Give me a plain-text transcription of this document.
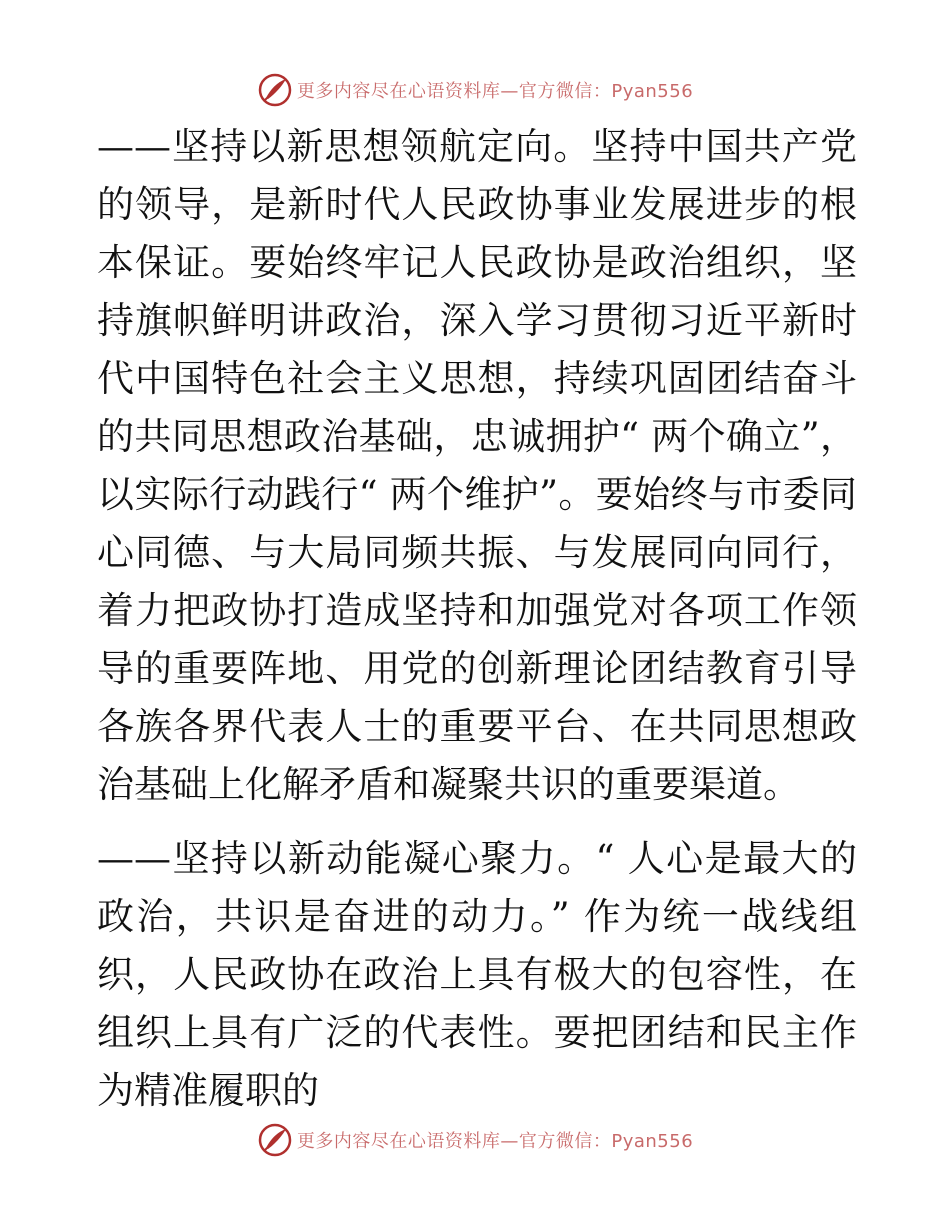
更多内容尽在心语资料库—官方微信：Pyan556

——坚持以新思想领航定向。坚持中国共产党的领导，是新时代人民政协事业发展进步的根本保证。要始终牢记人民政协是政治组织，坚持旗帜鲜明讲政治，深入学习贯彻习近平新时代中国特色社会主义思想，持续巩固团结奋斗的共同思想政治基础，忠诚拥护“ 两个确立”，以实际行动践行“ 两个维护”。要始终与市委同心同德、与大局同频共振、与发展同向同行，着力把政协打造成坚持和加强党对各项工作领导的重要阵地、用党的创新理论团结教育引导各族各界代表人士的重要平台、在共同思想政治基础上化解矛盾和凝聚共识的重要渠道。

——坚持以新动能凝心聚力。“ 人心是最大的政治，共识是奋进的动力。” 作为统一战线组织，人民政协在政治上具有极大的包容性，在组织上具有广泛的代表性。要把团结和民主作为精准履职的

更多内容尽在心语资料库—官方微信：Pyan556
